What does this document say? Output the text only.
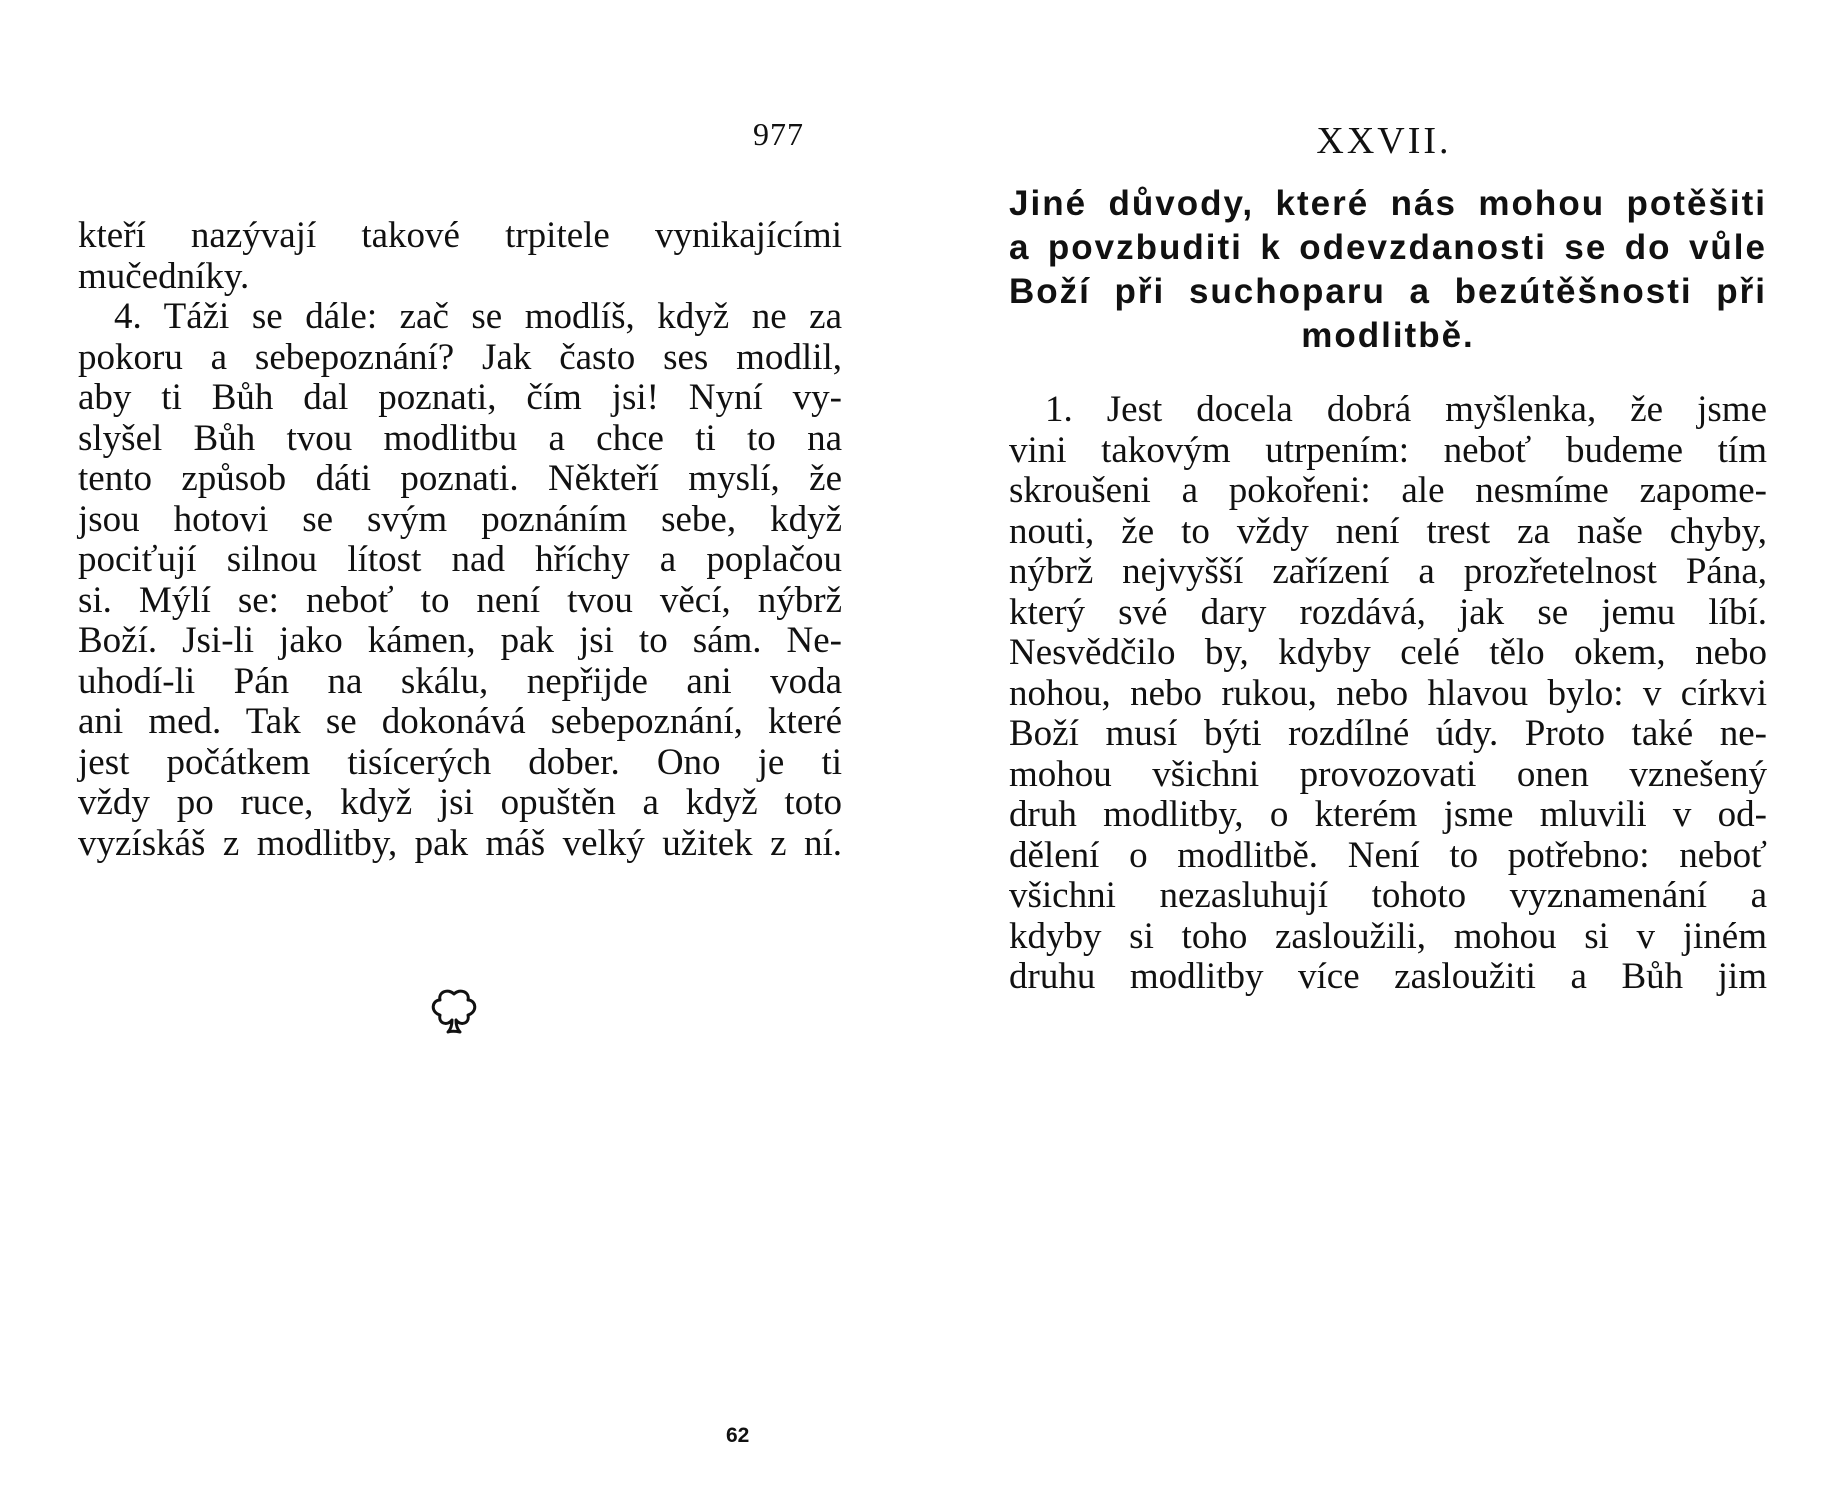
977
kteří nazývají takové trpitele vynikajícími
mučedníky.
4. Táži se dále: zač se modlíš, když ne za
pokoru a sebepoznání? Jak často ses modlil,
aby ti Bůh dal poznati, čím jsi! Nyní vy-
slyšel Bůh tvou modlitbu a chce ti to na
tento způsob dáti poznati. Někteří myslí, že
jsou hotovi se svým poznáním sebe, když
pociťují silnou lítost nad hříchy a poplačou
si. Mýlí se: neboť to není tvou věcí, nýbrž
Boží. Jsi-li jako kámen, pak jsi to sám. Ne-
uhodí-li Pán na skálu, nepřijde ani voda
ani med. Tak se dokonává sebepoznání, které
jest počátkem tisícerých dober. Ono je ti
vždy po ruce, když jsi opuštěn a když toto
vyzískáš z modlitby, pak máš velký užitek z ní.
XXVII.
Jiné důvody, které nás mohou potěšiti
a povzbuditi k odevzdanosti se do vůle
Boží při suchoparu a bezútěšnosti při
modlitbě.
1. Jest docela dobrá myšlenka, že jsme
vini takovým utrpením: neboť budeme tím
skroušeni a pokořeni: ale nesmíme zapome-
nouti, že to vždy není trest za naše chyby,
nýbrž nejvyšší zařízení a prozřetelnost Pána,
který své dary rozdává, jak se jemu líbí.
Nesvědčilo by, kdyby celé tělo okem, nebo
nohou, nebo rukou, nebo hlavou bylo: v církvi
Boží musí býti rozdílné údy. Proto také ne-
mohou všichni provozovati onen vznešený
druh modlitby, o kterém jsme mluvili v od-
dělení o modlitbě. Není to potřebno: neboť
všichni nezasluhují tohoto vyznamenání a
kdyby si toho zasloužili, mohou si v jiném
druhu modlitby více zasloužiti a Bůh jim
62
